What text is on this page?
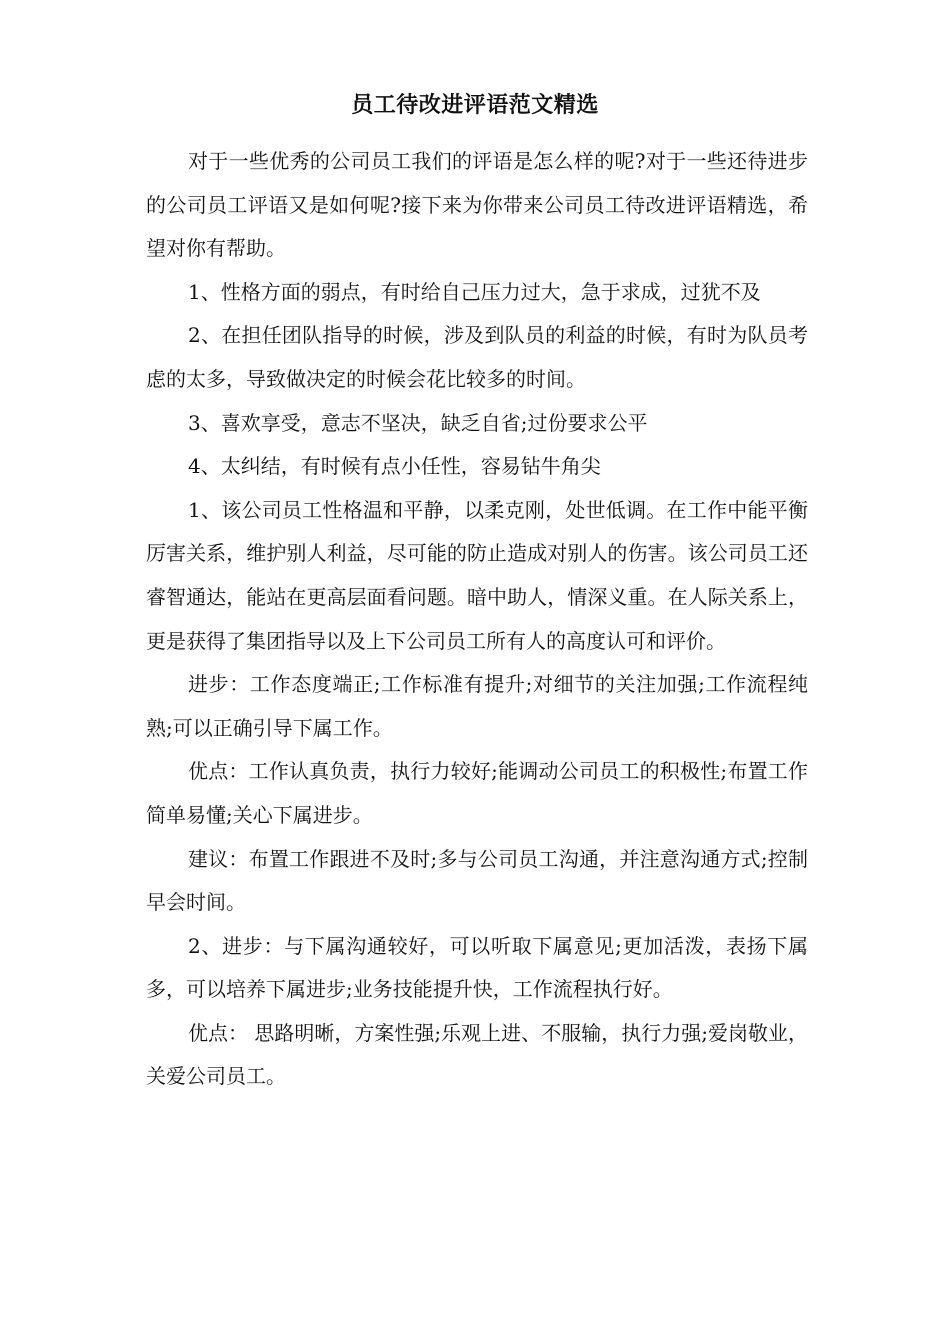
员工待改进评语范文精选

对于一些优秀的公司员工我们的评语是怎么样的呢?对于一些还待进步的公司员工评语又是如何呢?接下来为你带来公司员工待改进评语精选，希望对你有帮助。

1、性格方面的弱点，有时给自己压力过大，急于求成，过犹不及

2、在担任团队指导的时候，涉及到队员的利益的时候，有时为队员考虑的太多，导致做决定的时候会花比较多的时间。

3、喜欢享受，意志不坚决，缺乏自省;过份要求公平

4、太纠结，有时候有点小任性，容易钻牛角尖

1、该公司员工性格温和平静，以柔克刚，处世低调。在工作中能平衡厉害关系，维护别人利益，尽可能的防止造成对别人的伤害。该公司员工还睿智通达，能站在更高层面看问题。暗中助人，情深义重。在人际关系上，更是获得了集团指导以及上下公司员工所有人的高度认可和评价。

进步：工作态度端正;工作标准有提升;对细节的关注加强;工作流程纯熟;可以正确引导下属工作。

优点：工作认真负责，执行力较好;能调动公司员工的积极性;布置工作简单易懂;关心下属进步。

建议：布置工作跟进不及时;多与公司员工沟通，并注意沟通方式;控制早会时间。

2、进步：与下属沟通较好，可以听取下属意见;更加活泼，表扬下属多，可以培养下属进步;业务技能提升快，工作流程执行好。

优点： 思路明晰，方案性强;乐观上进、不服输，执行力强;爱岗敬业，关爱公司员工。
